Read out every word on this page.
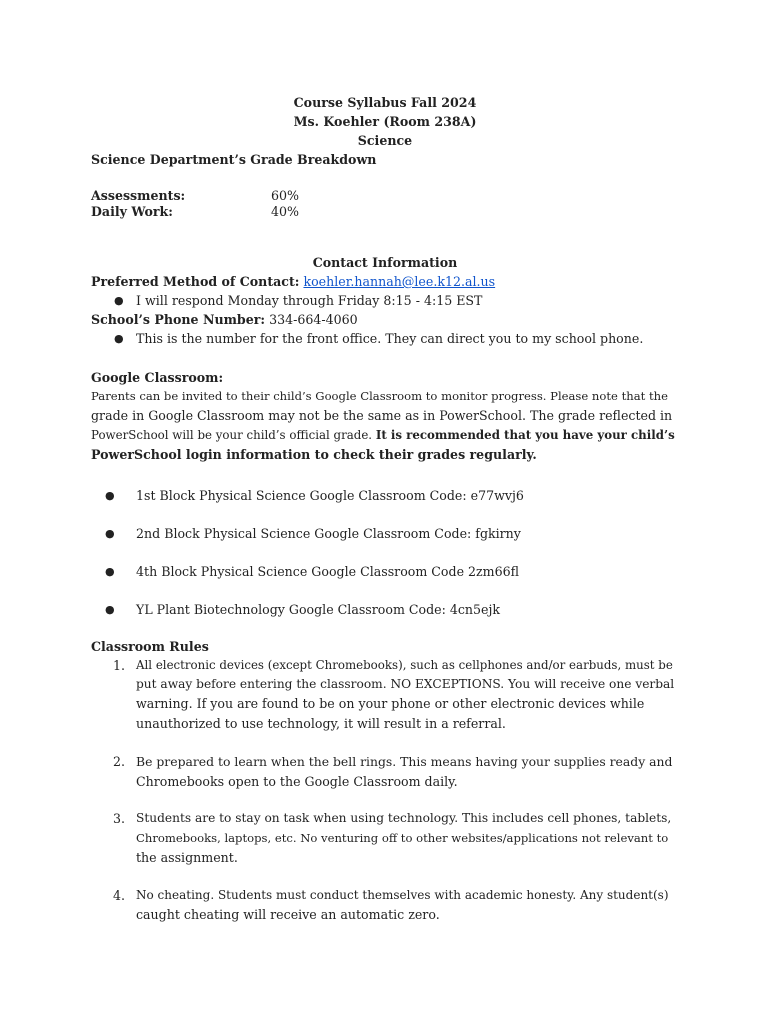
Course Syllabus Fall 2024
Ms. Koehler (Room 238A)
Science
Science Department’s Grade Breakdown
Assessments:	60%
Daily Work:	40%
Contact Information
Preferred Method of Contact: koehler.hannah@lee.k12.al.us
● I will respond Monday through Friday 8:15 - 4:15 EST
School’s Phone Number: 334-664-4060
● This is the number for the front office. They can direct you to my school phone.
Google Classroom:
Parents can be invited to their child’s Google Classroom to monitor progress. Please note that the
grade in Google Classroom may not be the same as in PowerSchool. The grade reflected in
PowerSchool will be your child’s official grade. It is recommended that you have your child’s
PowerSchool login information to check their grades regularly.
● 1st Block Physical Science Google Classroom Code: e77wvj6
● 2nd Block Physical Science Google Classroom Code: fgkirny
● 4th Block Physical Science Google Classroom Code 2zm66fl
● YL Plant Biotechnology Google Classroom Code: 4cn5ejk
Classroom Rules
1. All electronic devices (except Chromebooks), such as cellphones and/or earbuds, must be
put away before entering the classroom. NO EXCEPTIONS. You will receive one verbal
warning. If you are found to be on your phone or other electronic devices while
unauthorized to use technology, it will result in a referral.
2. Be prepared to learn when the bell rings. This means having your supplies ready and
Chromebooks open to the Google Classroom daily.
3. Students are to stay on task when using technology. This includes cell phones, tablets,
Chromebooks, laptops, etc. No venturing off to other websites/applications not relevant to
the assignment.
4. No cheating. Students must conduct themselves with academic honesty. Any student(s)
caught cheating will receive an automatic zero.
